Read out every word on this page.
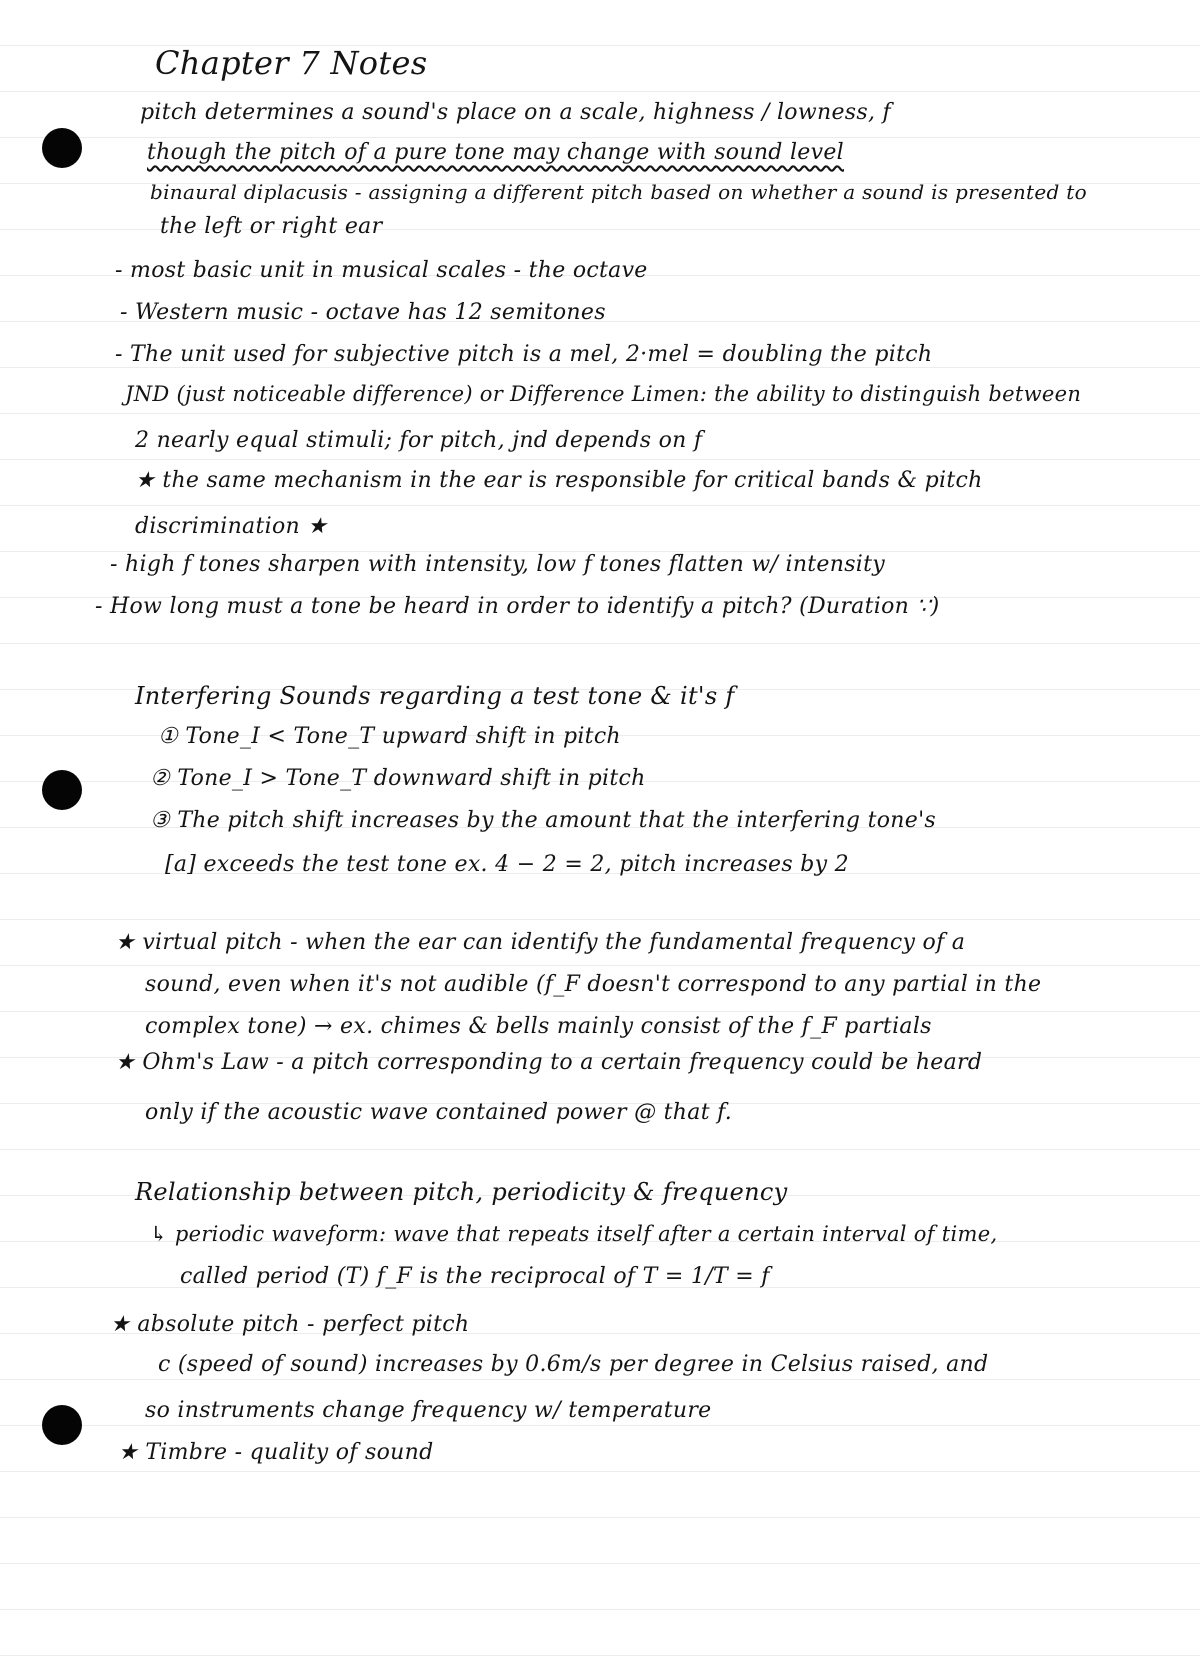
Chapter 7 Notes
pitch determines a sound's place on a scale, highness / lowness, f
though the pitch of a pure tone may change with sound level
binaural diplacusis - assigning a different pitch based on whether a sound is presented to
the left or right ear
- most basic unit in musical scales - the octave
- Western music - octave has 12 semitones
- The unit used for subjective pitch is a mel, 2·mel = doubling the pitch
JND (just noticeable difference) or Difference Limen: the ability to distinguish between
2 nearly equal stimuli; for pitch, jnd depends on f
★ the same mechanism in the ear is responsible for critical bands & pitch
discrimination ★
- high f tones sharpen with intensity, low f tones flatten w/ intensity
- How long must a tone be heard in order to identify a pitch? (Duration ∵)
Interfering Sounds regarding a test tone & it's f
① Tone_I < Tone_T upward shift in pitch
② Tone_I > Tone_T downward shift in pitch
③ The pitch shift increases by the amount that the interfering tone's
[a] exceeds the test tone ex. 4 − 2 = 2, pitch increases by 2
★ virtual pitch - when the ear can identify the fundamental frequency of a
sound, even when it's not audible (f_F doesn't correspond to any partial in the
complex tone) → ex. chimes & bells mainly consist of the f_F partials
★ Ohm's Law - a pitch corresponding to a certain frequency could be heard
only if the acoustic wave contained power @ that f.
Relationship between pitch, periodicity & frequency
↳ periodic waveform: wave that repeats itself after a certain interval of time,
called period (T) f_F is the reciprocal of T = 1/T = f
★ absolute pitch - perfect pitch
c (speed of sound) increases by 0.6m/s per degree in Celsius raised, and
so instruments change frequency w/ temperature
★ Timbre - quality of sound
